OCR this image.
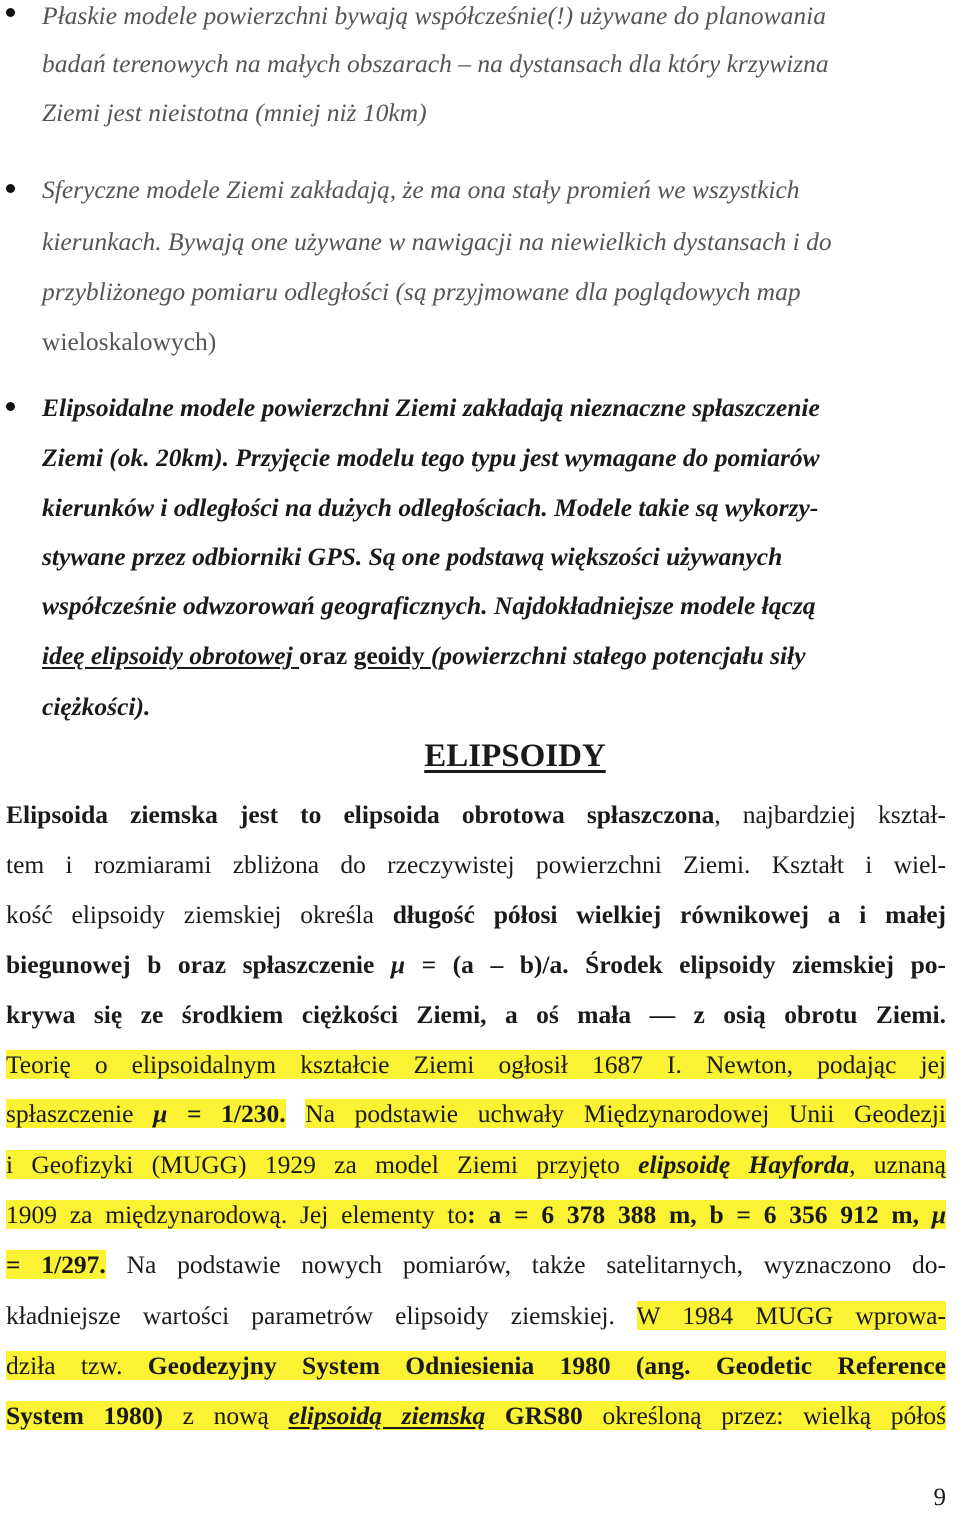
Płaskie modele powierzchni bywają współcześnie(!) używane do planowania
badań terenowych na małych obszarach – na dystansach dla który krzywizna
Ziemi jest nieistotna (mniej niż 10km)
Sferyczne modele Ziemi zakładają, że ma ona stały promień we wszystkich
kierunkach. Bywają one używane w nawigacji na niewielkich dystansach i do
przybliżonego pomiaru odległości (są przyjmowane dla poglądowych map
wieloskalowych)
Elipsoidalne modele powierzchni Ziemi zakładają nieznaczne spłaszczenie
Ziemi (ok. 20km). Przyjęcie modelu tego typu jest wymagane do pomiarów
kierunków i odległości na dużych odległościach. Modele takie są wykorzy-
stywane przez odbiorniki GPS. Są one podstawą większości używanych
współcześnie odwzorowań geograficznych. Najdokładniejsze modele łączą
ideę elipsoidy obrotowej oraz geoidy (powierzchni stałego potencjału siły
ciężkości).
ELIPSOIDY
Elipsoida ziemska jest to elipsoida obrotowa spłaszczona, najbardziej kształ-
tem i rozmiarami zbliżona do rzeczywistej powierzchni Ziemi. Kształt i wiel-
kość elipsoidy ziemskiej określa długość półosi wielkiej równikowej a i małej
biegunowej b oraz spłaszczenie μ = (a – b)/a. Środek elipsoidy ziemskiej po-
krywa się ze środkiem ciężkości Ziemi, a oś mała — z osią obrotu Ziemi.
Teorię o elipsoidalnym kształcie Ziemi ogłosił 1687 I. Newton, podając jej
spłaszczenie μ = 1/230. Na podstawie uchwały Międzynarodowej Unii Geodezji
i Geofizyki (MUGG) 1929 za model Ziemi przyjęto elipsoidę Hayforda, uznaną
1909 za międzynarodową. Jej elementy to: a = 6 378 388 m, b = 6 356 912 m, μ
= 1/297. Na podstawie nowych pomiarów, także satelitarnych, wyznaczono do-
kładniejsze wartości parametrów elipsoidy ziemskiej. W 1984 MUGG wprowa-
dziła tzw. Geodezyjny System Odniesienia 1980 (ang. Geodetic Reference
System 1980) z nową elipsoidą ziemską GRS80 określoną przez: wielką półoś
9
